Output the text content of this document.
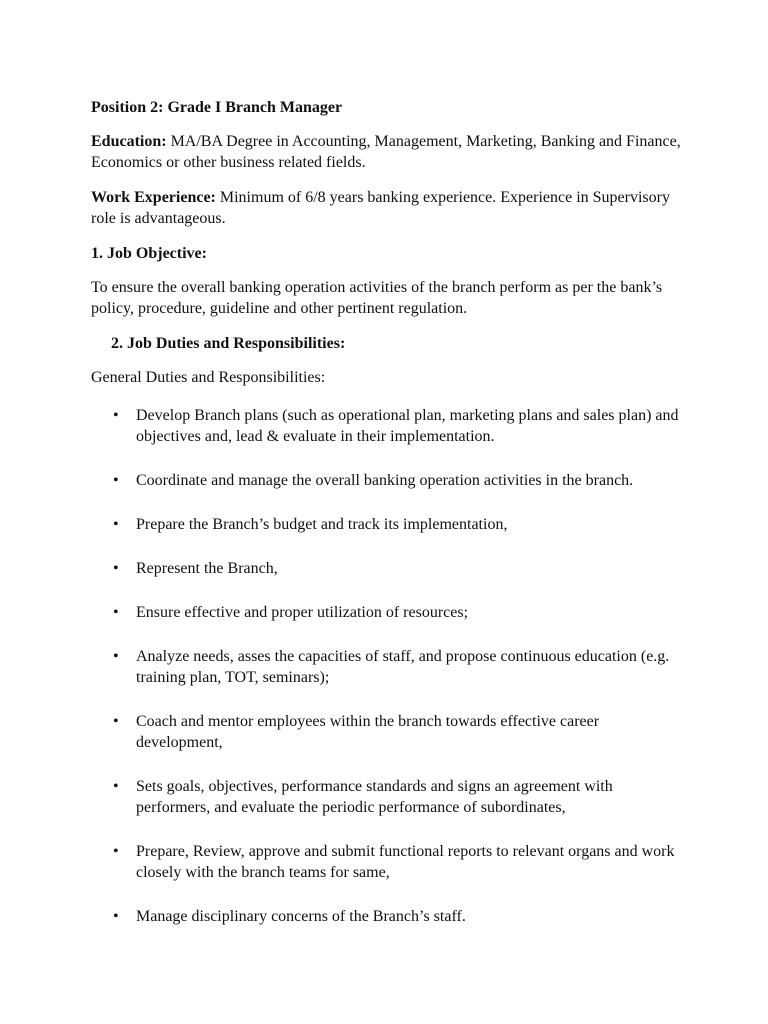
Position 2: Grade I Branch Manager
Education: MA/BA Degree in Accounting, Management, Marketing, Banking and Finance, Economics or other business related fields.
Work Experience: Minimum of 6/8 years banking experience. Experience in Supervisory role is advantageous.
1. Job Objective:
To ensure the overall banking operation activities of the branch perform as per the bank’s policy, procedure, guideline and other pertinent regulation.
2. Job Duties and Responsibilities:
General Duties and Responsibilities:
• Develop Branch plans (such as operational plan, marketing plans and sales plan) and objectives and, lead & evaluate in their implementation.
• Coordinate and manage the overall banking operation activities in the branch.
• Prepare the Branch’s budget and track its implementation,
• Represent the Branch,
• Ensure effective and proper utilization of resources;
• Analyze needs, asses the capacities of staff, and propose continuous education (e.g. training plan, TOT, seminars);
• Coach and mentor employees within the branch towards effective career development,
• Sets goals, objectives, performance standards and signs an agreement with performers, and evaluate the periodic performance of subordinates,
• Prepare, Review, approve and submit functional reports to relevant organs and work closely with the branch teams for same,
• Manage disciplinary concerns of the Branch’s staff.
